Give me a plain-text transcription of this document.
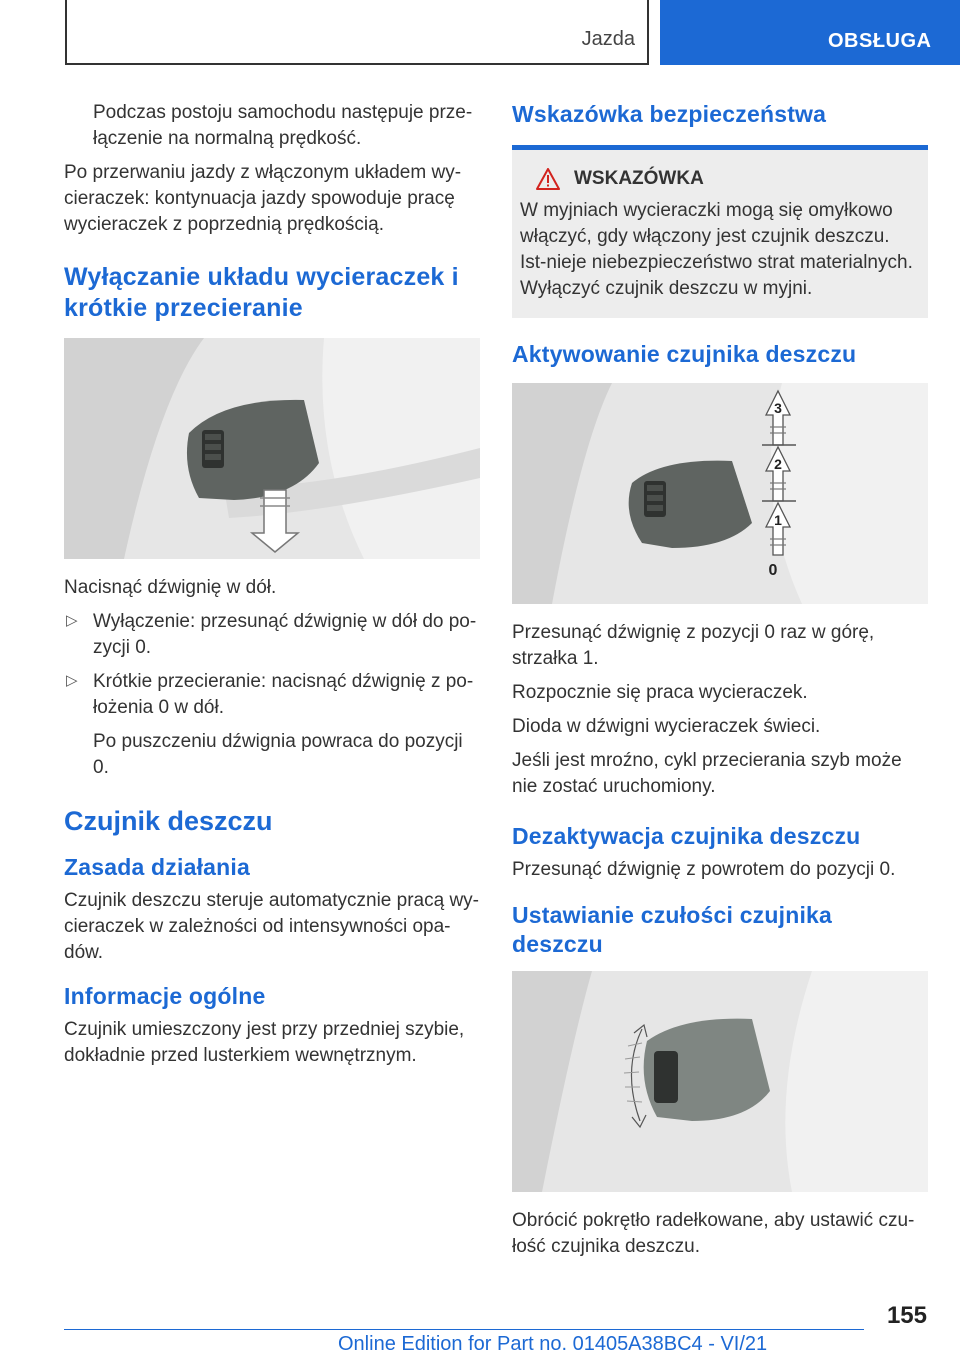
Jazda	OBSŁUGA

Podczas postoju samochodu następuje prze‐łączenie na normalną prędkość.

Po przerwaniu jazdy z włączonym układem wy‐cieraczek: kontynuacja jazdy spowoduje pracę wycieraczek z poprzednią prędkością.

Wyłączanie układu wycieraczek i krótkie przecieranie

Nacisnąć dźwignię w dół.

▷ Wyłączenie: przesunąć dźwignię w dół do po‐zycji 0.

▷ Krótkie przecieranie: nacisnąć dźwignię z po‐łożenia 0 w dół.

Po puszczeniu dźwignia powraca do pozycji 0.

Czujnik deszczu
Zasada działania

Czujnik deszczu steruje automatycznie pracą wy‐cieraczek w zależności od intensywności opa‐dów.

Informacje ogólne

Czujnik umieszczony jest przy przedniej szybie, dokładnie przed lusterkiem wewnętrznym.

Wskazówka bezpieczeństwa
WSKAZÓWKA

W myjniach wycieraczki mogą się omyłkowo włączyć, gdy włączony jest czujnik deszczu. Ist‐nieje niebezpieczeństwo strat materialnych. Wyłączyć czujnik deszczu w myjni.

Aktywowanie czujnika deszczu
3
2
1
0

Przesunąć dźwignię z pozycji 0 raz w górę, strzałka 1.

Rozpocznie się praca wycieraczek.

Dioda w dźwigni wycieraczek świeci.

Jeśli jest mroźno, cykl przecierania szyb może nie zostać uruchomiony.

Dezaktywacja czujnika deszczu

Przesunąć dźwignię z powrotem do pozycji 0.

Ustawianie czułości czujnika deszczu

Obrócić pokrętło radełkowane, aby ustawić czu‐łość czujnika deszczu.

155
Online Edition for Part no. 01405A38BC4 - VI/21
